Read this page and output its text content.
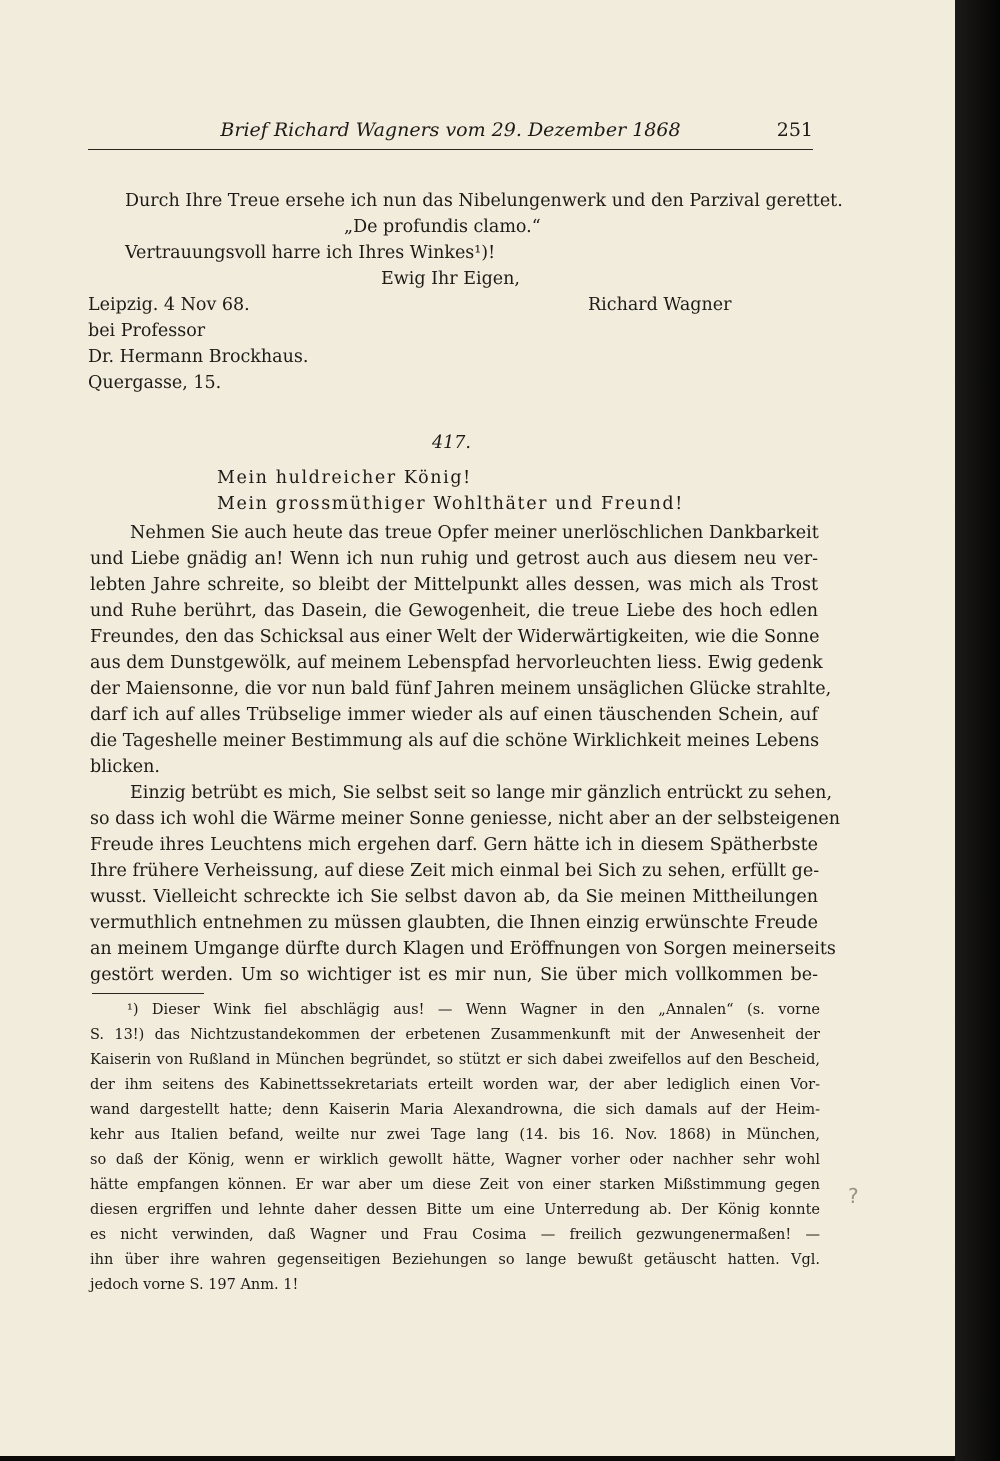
Brief Richard Wagners vom 29. Dezember 1868	251

Durch Ihre Treue ersehe ich nun das Nibelungenwerk und den Parzival gerettet.

„De profundis clamo.“

Vertrauungsvoll harre ich Ihres Winkes¹)!

Ewig Ihr Eigen,

Richard Wagner

Leipzig. 4 Nov 68.

bei Professor

Dr. Hermann Brockhaus.

Quergasse, 15.

417.

Mein huldreicher König!

Mein grossmüthiger Wohlthäter und Freund!

Nehmen Sie auch heute das treue Opfer meiner unerlöschlichen Dankbarkeit

und Liebe gnädig an! Wenn ich nun ruhig und getrost auch aus diesem neu ver-

lebten Jahre schreite, so bleibt der Mittelpunkt alles dessen, was mich als Trost

und Ruhe berührt, das Dasein, die Gewogenheit, die treue Liebe des hoch edlen

Freundes, den das Schicksal aus einer Welt der Widerwärtigkeiten, wie die Sonne

aus dem Dunstgewölk, auf meinem Lebenspfad hervorleuchten liess. Ewig gedenk

der Maiensonne, die vor nun bald fünf Jahren meinem unsäglichen Glücke strahlte,

darf ich auf alles Trübselige immer wieder als auf einen täuschenden Schein, auf

die Tageshelle meiner Bestimmung als auf die schöne Wirklichkeit meines Lebens

blicken.

Einzig betrübt es mich, Sie selbst seit so lange mir gänzlich entrückt zu sehen,

so dass ich wohl die Wärme meiner Sonne geniesse, nicht aber an der selbsteigenen

Freude ihres Leuchtens mich ergehen darf. Gern hätte ich in diesem Spätherbste

Ihre frühere Verheissung, auf diese Zeit mich einmal bei Sich zu sehen, erfüllt ge-

wusst. Vielleicht schreckte ich Sie selbst davon ab, da Sie meinen Mittheilungen

vermuthlich entnehmen zu müssen glaubten, die Ihnen einzig erwünschte Freude

an meinem Umgange dürfte durch Klagen und Eröffnungen von Sorgen meinerseits

gestört werden. Um so wichtiger ist es mir nun, Sie über mich vollkommen be-

¹) Dieser Wink fiel abschlägig aus! — Wenn Wagner in den „Annalen“ (s. vorne

S. 13!) das Nichtzustandekommen der erbetenen Zusammenkunft mit der Anwesenheit der

Kaiserin von Rußland in München begründet, so stützt er sich dabei zweifellos auf den Bescheid,

der ihm seitens des Kabinettssekretariats erteilt worden war, der aber lediglich einen Vor-

wand dargestellt hatte; denn Kaiserin Maria Alexandrowna, die sich damals auf der Heim-

kehr aus Italien befand, weilte nur zwei Tage lang (14. bis 16. Nov. 1868) in München,

so daß der König, wenn er wirklich gewollt hätte, Wagner vorher oder nachher sehr wohl

hätte empfangen können. Er war aber um diese Zeit von einer starken Mißstimmung gegen

diesen ergriffen und lehnte daher dessen Bitte um eine Unterredung ab. Der König konnte

es nicht verwinden, daß Wagner und Frau Cosima — freilich gezwungenermaßen! —

ihn über ihre wahren gegenseitigen Beziehungen so lange bewußt getäuscht hatten. Vgl.

jedoch vorne S. 197 Anm. 1!

?
